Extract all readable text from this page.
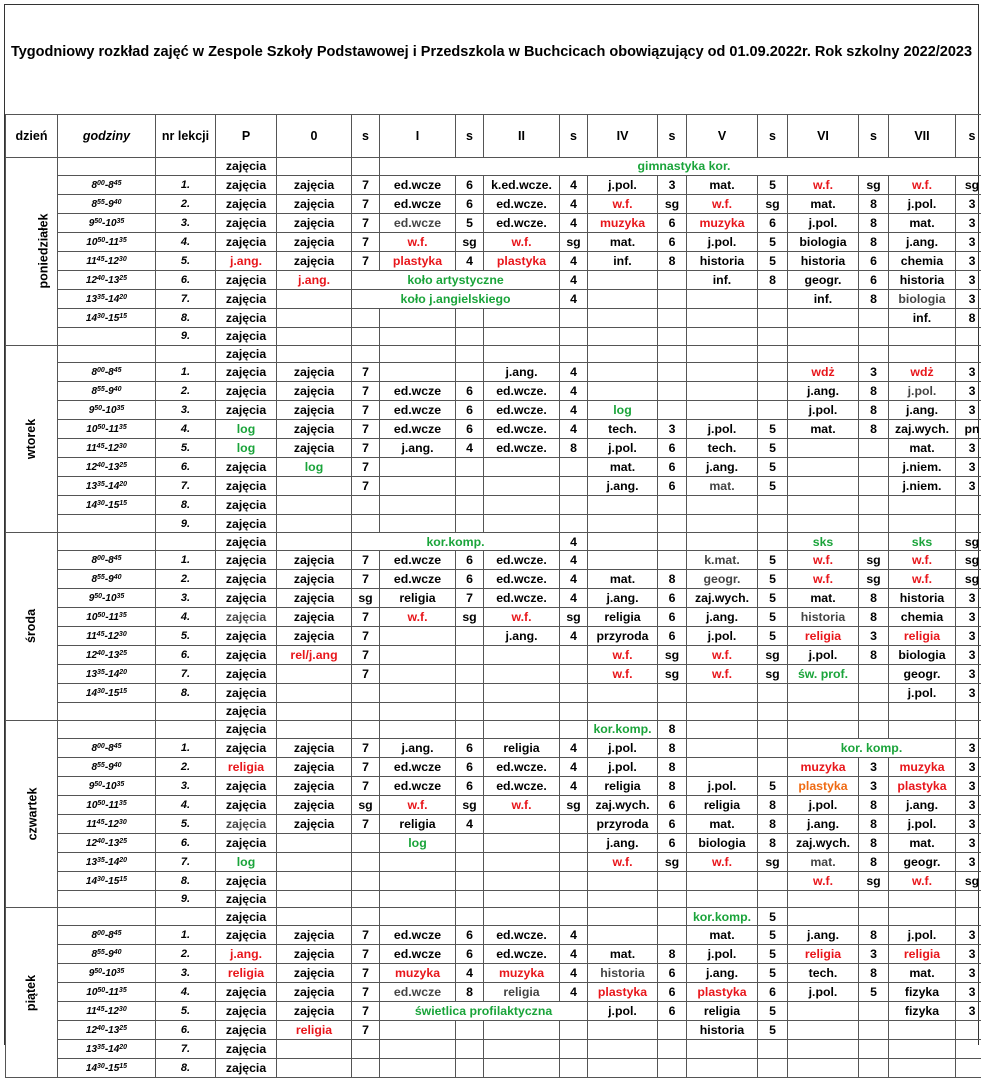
Tygodniowy rozkład zajęć w Zespole Szkoły Podstawowej i Przedszkola w Buchcicach obowiązujący od 01.09.2022r. Rok szkolny 2022/2023
dzień	godziny	nr lekcji	P	0	s	I	s	II	s	IV	s	V	s	VI	s	VII	s
poniedziałek			zajęcia			gimnastyka kor.											
	$8^{00}-8^{45}$	1.	zajęcia	zajęcia	7	ed.wcze	6	k.ed.wcze.	4	j.pol.	3	mat.	5	w.f.	sg	w.f.	sg
	$8^{55}-9^{40}$	2.	zajęcia	zajęcia	7	ed.wcze	6	ed.wcze.	4	w.f.	sg	w.f.	sg	mat.	8	j.pol.	3
	$9^{50}-10^{35}$	3.	zajęcia	zajęcia	7	ed.wcze	5	ed.wcze.	4	muzyka	6	muzyka	6	j.pol.	8	mat.	3
	$10^{50}-11^{35}$	4.	zajęcia	zajęcia	7	w.f.	sg	w.f.	sg	mat.	6	j.pol.	5	biologia	8	j.ang.	3
	$11^{45}-12^{30}$	5.	j.ang.	zajęcia	7	plastyka	4	plastyka	4	inf.	8	historia	5	historia	6	chemia	3
	$12^{40}-13^{25}$	6.	zajęcia	j.ang.	koło artystyczne				4			inf.	8	geogr.	6	historia	3
	$13^{35}-14^{20}$	7.	zajęcia		koło j.angielskiego				4					inf.	8	biologia	3
	$14^{30}-15^{15}$	8.	zajęcia													inf.	8
		9.	zajęcia														
wtorek			zajęcia														
	$8^{00}-8^{45}$	1.	zajęcia	zajęcia	7			j.ang.	4					wdż	3	wdż	3
	$8^{55}-9^{40}$	2.	zajęcia	zajęcia	7	ed.wcze	6	ed.wcze.	4					j.ang.	8	j.pol.	3
	$9^{50}-10^{35}$	3.	zajęcia	zajęcia	7	ed.wcze	6	ed.wcze.	4	log				j.pol.	8	j.ang.	3
	$10^{50}-11^{35}$	4.	log	zajęcia	7	ed.wcze	6	ed.wcze.	4	tech.	3	j.pol.	5	mat.	8	zaj.wych.	pn
	$11^{45}-12^{30}$	5.	log	zajęcia	7	j.ang.	4	ed.wcze.	8	j.pol.	6	tech.	5			mat.	3
	$12^{40}-13^{25}$	6.	zajęcia	log	7					mat.	6	j.ang.	5			j.niem.	3
	$13^{35}-14^{20}$	7.	zajęcia		7					j.ang.	6	mat.	5			j.niem.	3
	$14^{30}-15^{15}$	8.	zajęcia														
		9.	zajęcia														
środa			zajęcia		kor.komp.				4					sks		sks	sg
	$8^{00}-8^{45}$	1.	zajęcia	zajęcia	7	ed.wcze	6	ed.wcze.	4			k.mat.	5	w.f.	sg	w.f.	sg
	$8^{55}-9^{40}$	2.	zajęcia	zajęcia	7	ed.wcze	6	ed.wcze.	4	mat.	8	geogr.	5	w.f.	sg	w.f.	sg
	$9^{50}-10^{35}$	3.	zajęcia	zajęcia	sg	religia	7	ed.wcze.	4	j.ang.	6	zaj.wych.	5	mat.	8	historia	3
	$10^{50}-11^{35}$	4.	zajęcia	zajęcia	7	w.f.	sg	w.f.	sg	religia	6	j.ang.	5	historia	8	chemia	3
	$11^{45}-12^{30}$	5.	zajęcia	zajęcia	7			j.ang.	4	przyroda	6	j.pol.	5	religia	3	religia	3
	$12^{40}-13^{25}$	6.	zajęcia	rel/j.ang	7					w.f.	sg	w.f.	sg	j.pol.	8	biologia	3
	$13^{35}-14^{20}$	7.	zajęcia		7					w.f.	sg	w.f.	sg	św. prof.		geogr.	3
	$14^{30}-15^{15}$	8.	zajęcia													j.pol.	3
			zajęcia														
czwartek			zajęcia							kor.komp.	8						
	$8^{00}-8^{45}$	1.	zajęcia	zajęcia	7	j.ang.	6	religia	4	j.pol.	8			kor. komp.			3
	$8^{55}-9^{40}$	2.	religia	zajęcia	7	ed.wcze	6	ed.wcze.	4	j.pol.	8			muzyka	3	muzyka	3
	$9^{50}-10^{35}$	3.	zajęcia	zajęcia	7	ed.wcze	6	ed.wcze.	4	religia	8	j.pol.	5	plastyka	3	plastyka	3
	$10^{50}-11^{35}$	4.	zajęcia	zajęcia	sg	w.f.	sg	w.f.	sg	zaj.wych.	6	religia	8	j.pol.	8	j.ang.	3
	$11^{45}-12^{30}$	5.	zajęcia	zajęcia	7	religia	4			przyroda	6	mat.	8	j.ang.	8	j.pol.	3
	$12^{40}-13^{25}$	6.	zajęcia			log				j.ang.	6	biologia	8	zaj.wych.	8	mat.	3
	$13^{35}-14^{20}$	7.	log							w.f.	sg	w.f.	sg	mat.	8	geogr.	3
	$14^{30}-15^{15}$	8.	zajęcia											w.f.	sg	w.f.	sg
		9.	zajęcia														
piątek			zajęcia									kor.komp.	5				
	$8^{00}-8^{45}$	1.	zajęcia	zajęcia	7	ed.wcze	6	ed.wcze.	4			mat.	5	j.ang.	8	j.pol.	3
	$8^{55}-9^{40}$	2.	j.ang.	zajęcia	7	ed.wcze	6	ed.wcze.	4	mat.	8	j.pol.	5	religia	3	religia	3
	$9^{50}-10^{35}$	3.	religia	zajęcia	7	muzyka	4	muzyka	4	historia	6	j.ang.	5	tech.	8	mat.	3
	$10^{50}-11^{35}$	4.	zajęcia	zajęcia	7	ed.wcze	8	religia	4	plastyka	6	plastyka	6	j.pol.	5	fizyka	3
	$11^{45}-12^{30}$	5.	zajęcia	zajęcia	7	świetlica profilaktyczna				j.pol.	6	religia	5			fizyka	3
	$12^{40}-13^{25}$	6.	zajęcia	religia	7							historia	5				
	$13^{35}-14^{20}$	7.	zajęcia														
	$14^{30}-15^{15}$	8.	zajęcia														
